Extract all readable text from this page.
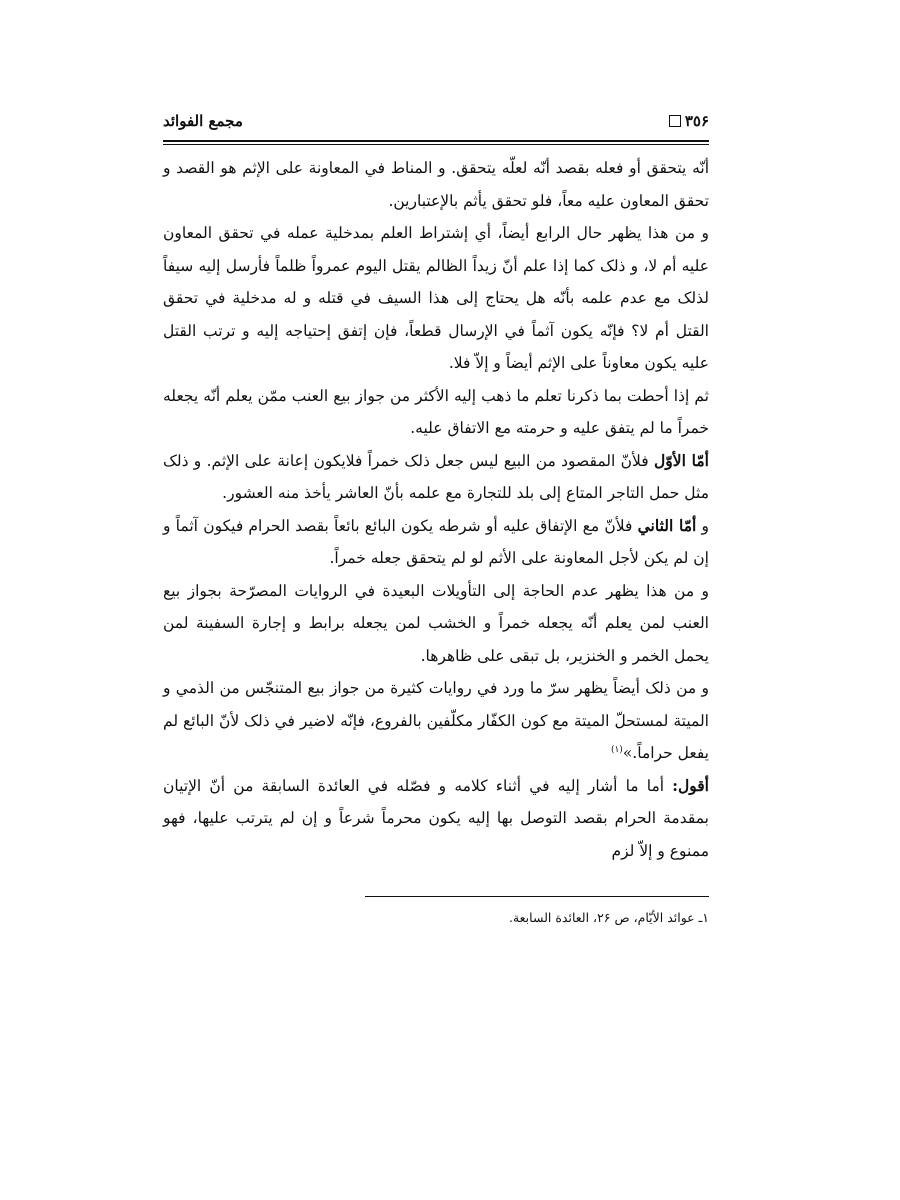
٣٥۶
مجمع الفوائد

أنّه يتحقق أو فعله بقصد أنّه لعلّه يتحقق. و المناط في المعاونة على الإثم هو القصد و تحقق المعاون عليه معاً، فلو تحقق يأثم بالإعتبارين.

و من هذا يظهر حال الرابع أيضاً، أي إشتراط العلم بمدخلية عمله في تحقق المعاون عليه أم لا، و ذلک كما إذا علم أنّ زيداً الظالم يقتل اليوم عمرواً ظلماً فأرسل إليه سيفاً لذلک مع عدم علمه بأنّه هل يحتاج إلى هذا السيف في قتله و له مدخلية في تحقق القتل أم لا؟ فإنّه يكون آثماً في الإرسال قطعاً، فإن إتفق إحتياجه إليه و ترتب القتل عليه يكون معاوناً على الإثم أيضاً و إلاّ فلا.

ثم إذا أحطت بما ذكرنا تعلم ما ذهب إليه الأكثر من جواز بيع العنب ممّن يعلم أنّه يجعله خمراً ما لم يتفق عليه و حرمته مع الاتفاق عليه.

أمّا الأوّل فلأنّ المقصود من البيع ليس جعل ذلک خمراً فلايكون إعانة على الإثم. و ذلک مثل حمل التاجر المتاع إلى بلد للتجارة مع علمه بأنّ العاشر يأخذ منه العشور.

و أمّا الثاني فلأنّ مع الإتفاق عليه أو شرطه يكون البائع بائعاً بقصد الحرام فيكون آثماً و إن لم يكن لأجل المعاونة على الأثم لو لم يتحقق جعله خمراً.

و من هذا يظهر عدم الحاجة إلى التأويلات البعيدة في الروايات المصرّحة بجواز بيع العنب لمن يعلم أنّه يجعله خمراً و الخشب لمن يجعله برابط و إجارة السفينة لمن يحمل الخمر و الخنزير، بل تبقى على ظاهرها.

و من ذلک أيضاً يظهر سرّ ما ورد في روايات كثيرة من جواز بيع المتنجّس من الذمي و الميتة لمستحلّ الميتة مع كون الكفّار مكلّفين بالفروع، فإنّه لاضير في ذلک لأنّ البائع لم يفعل حراماً.»$^{(١)}$

أقول: أما ما أشار إليه في أثناء كلامه و فصّله في العائدة السابقة من أنّ الإتيان بمقدمة الحرام بقصد التوصل بها إليه يكون محرماً شرعاً و إن لم يترتب عليها، فهو ممنوع و إلاّ لزم

١ـ عوائد الأيّام، ص ٢۶، العائدة السابعة.
